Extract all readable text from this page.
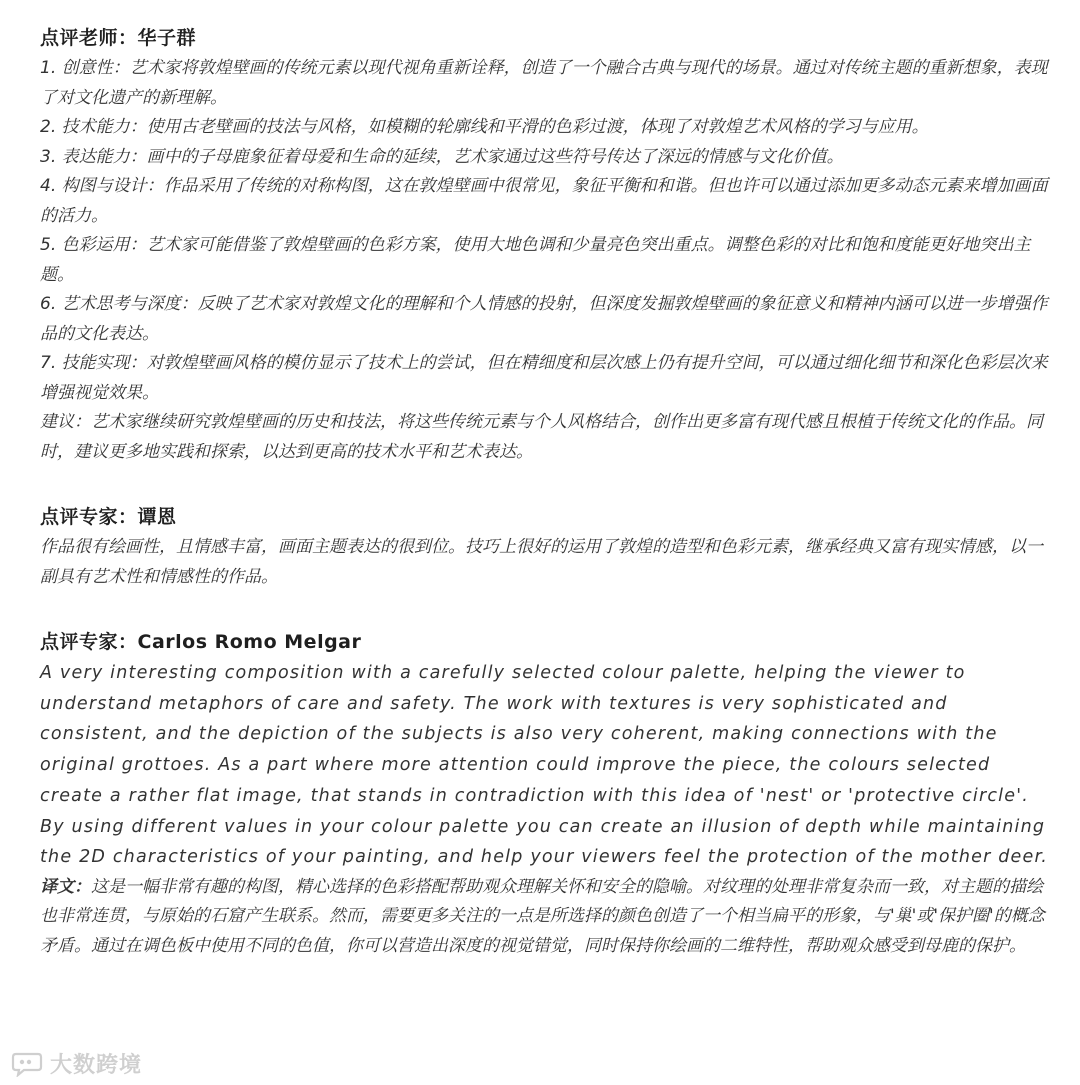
点评老师：华子群

1. 创意性：艺术家将敦煌壁画的传统元素以现代视角重新诠释，创造了一个融合古典与现代的场景。通过对传统主题的重新想象，表现了对文化遗产的新理解。

2. 技术能力：使用古老壁画的技法与风格，如模糊的轮廓线和平滑的色彩过渡，体现了对敦煌艺术风格的学习与应用。

3. 表达能力：画中的子母鹿象征着母爱和生命的延续，艺术家通过这些符号传达了深远的情感与文化价值。

4. 构图与设计：作品采用了传统的对称构图，这在敦煌壁画中很常见，象征平衡和和谐。但也许可以通过添加更多动态元素来增加画面的活力。

5. 色彩运用：艺术家可能借鉴了敦煌壁画的色彩方案，使用大地色调和少量亮色突出重点。调整色彩的对比和饱和度能更好地突出主题。

6. 艺术思考与深度：反映了艺术家对敦煌文化的理解和个人情感的投射，但深度发掘敦煌壁画的象征意义和精神内涵可以进一步增强作品的文化表达。

7. 技能实现：对敦煌壁画风格的模仿显示了技术上的尝试，但在精细度和层次感上仍有提升空间，可以通过细化细节和深化色彩层次来增强视觉效果。

建议：艺术家继续研究敦煌壁画的历史和技法，将这些传统元素与个人风格结合，创作出更多富有现代感且根植于传统文化的作品。同时，建议更多地实践和探索，以达到更高的技术水平和艺术表达。

点评专家：谭恩

作品很有绘画性，且情感丰富，画面主题表达的很到位。技巧上很好的运用了敦煌的造型和色彩元素，继承经典又富有现实情感，以一副具有艺术性和情感性的作品。

点评专家：Carlos Romo Melgar

A very interesting composition with a carefully selected colour palette, helping the viewer to understand metaphors of care and safety. The work with textures is very sophisticated and consistent, and the depiction of the subjects is also very coherent, making connections with the original grottoes. As a part where more attention could improve the piece, the colours selected create a rather flat image, that stands in contradiction with this idea of 'nest' or 'protective circle'. By using different values in your colour palette you can create an illusion of depth while maintaining the 2D characteristics of your painting, and help your viewers feel the protection of the mother deer.

译文：这是一幅非常有趣的构图，精心选择的色彩搭配帮助观众理解关怀和安全的隐喻。对纹理的处理非常复杂而一致，对主题的描绘也非常连贯，与原始的石窟产生联系。然而，需要更多关注的一点是所选择的颜色创造了一个相当扁平的形象，与'巢'或'保护圈'的概念矛盾。通过在调色板中使用不同的色值，你可以营造出深度的视觉错觉，同时保持你绘画的二维特性，帮助观众感受到母鹿的保护。

大数跨境
